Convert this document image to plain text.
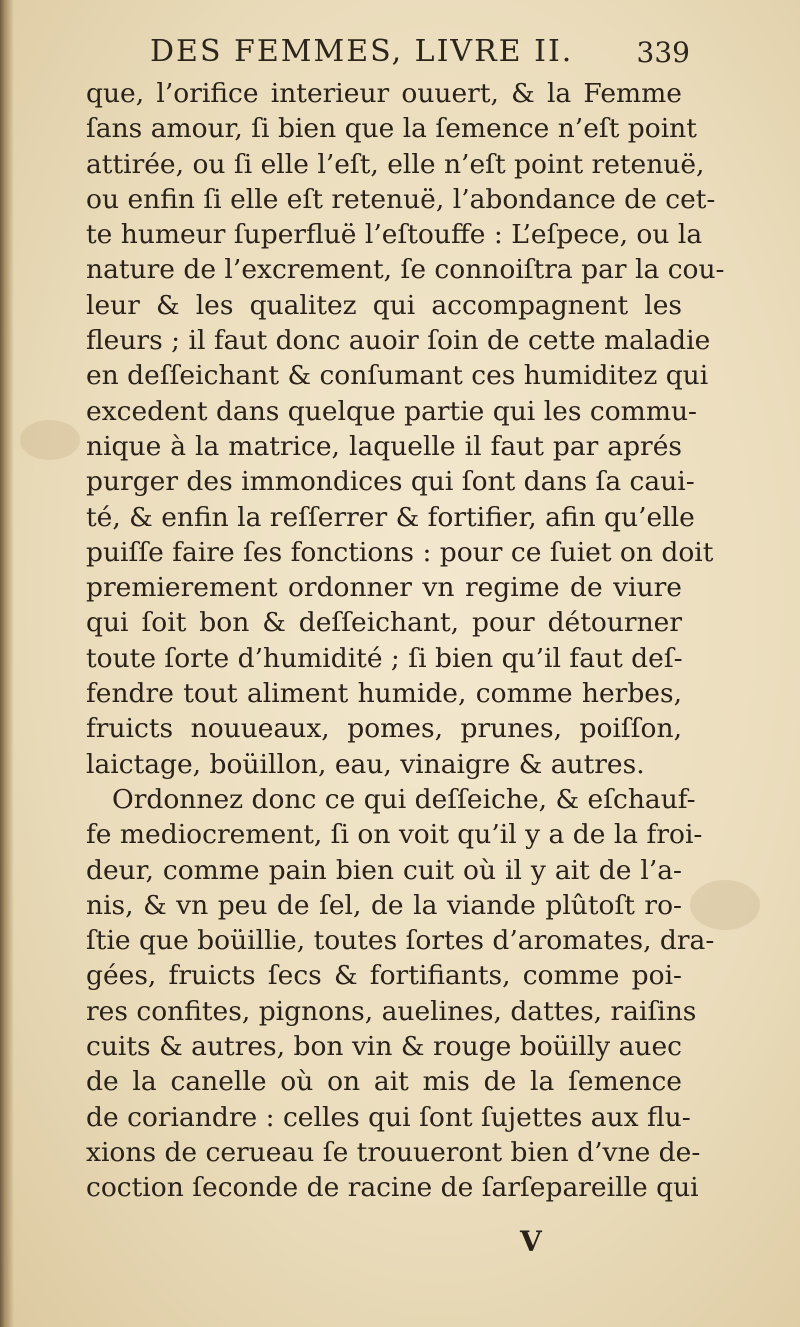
DES FEMMES, LIVRE II. 339
que, l’orifice interieur ouuert, & la Femme
ſans amour, ſi bien que la ſemence n’eſt point
attirée, ou ſi elle l’eſt, elle n’eſt point retenuë,
ou enfin ſi elle eſt retenuë, l’abondance de cet-
te humeur ſuperfluë l’eſtouffe : L’eſpece, ou la
nature de l’excrement, ſe connoiſtra par la cou-
leur & les qualitez qui accompagnent les
fleurs ; il faut donc auoir ſoin de cette maladie
en deſſeichant & conſumant ces humiditez qui
excedent dans quelque partie qui les commu-
nique à la matrice, laquelle il faut par aprés
purger des immondices qui ſont dans ſa caui-
té, & enfin la reſſerrer & fortifier, afin qu’elle
puiſſe faire ſes fonctions : pour ce ſuiet on doit
premierement ordonner vn regime de viure
qui ſoit bon & deſſeichant, pour détourner
toute ſorte d’humidité ; ſi bien qu’il faut deſ-
fendre tout aliment humide, comme herbes,
fruicts nouueaux, pomes, prunes, poiſſon,
laictage, boüillon, eau, vinaigre & autres.
Ordonnez donc ce qui deſſeiche, & eſchauf-
fe mediocrement, ſi on voit qu’il y a de la froi-
deur, comme pain bien cuit où il y ait de l’a-
nis, & vn peu de ſel, de la viande plûtoſt ro-
ſtie que boüillie, toutes ſortes d’aromates, dra-
gées, fruicts ſecs & fortifiants, comme poi-
res confites, pignons, auelines, dattes, raiſins
cuits & autres, bon vin & rouge boüilly auec
de la canelle où on ait mis de la ſemence
de coriandre : celles qui ſont ſujettes aux flu-
xions de cerueau ſe trouueront bien d’vne de-
coction ſeconde de racine de ſarſepareille qui
V
